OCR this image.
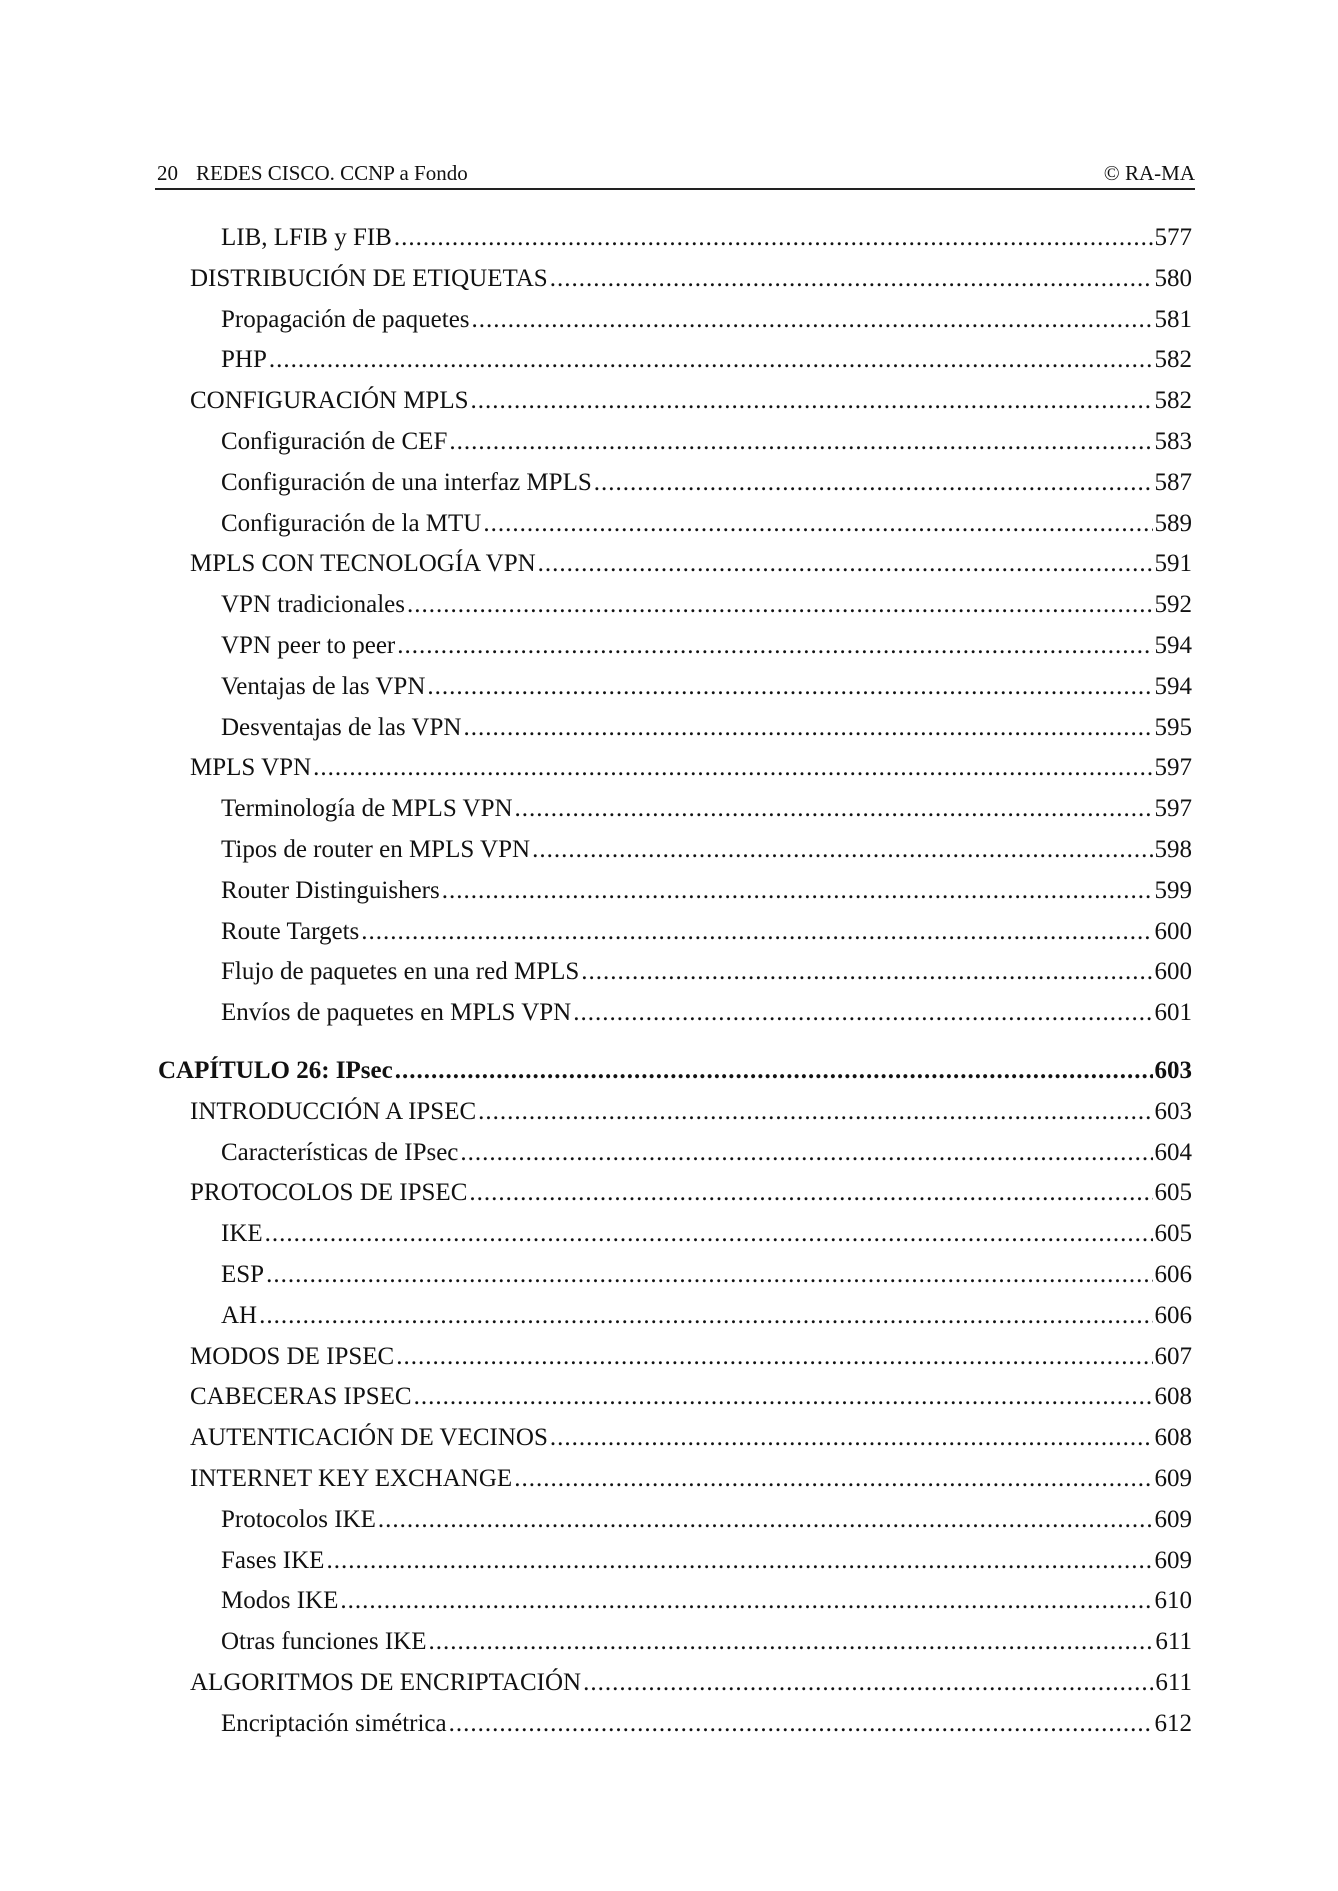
20 REDES CISCO. CCNP a Fondo	© RA-MA
LIB, LFIB y FIB .....	577
DISTRIBUCIÓN DE ETIQUETAS .....	580
Propagación de paquetes .....	581
PHP .....	582
CONFIGURACIÓN MPLS .....	582
Configuración de CEF .....	583
Configuración de una interfaz MPLS .....	587
Configuración de la MTU .....	589
MPLS CON TECNOLOGÍA VPN .....	591
VPN tradicionales .....	592
VPN peer to peer .....	594
Ventajas de las VPN .....	594
Desventajas de las VPN .....	595
MPLS VPN .....	597
Terminología de MPLS VPN .....	597
Tipos de router en MPLS VPN .....	598
Router Distinguishers .....	599
Route Targets .....	600
Flujo de paquetes en una red MPLS .....	600
Envíos de paquetes en MPLS VPN .....	601
CAPÍTULO 26: IPsec .....	603
INTRODUCCIÓN A IPSEC .....	603
Características de IPsec .....	604
PROTOCOLOS DE IPSEC .....	605
IKE .....	605
ESP .....	606
AH .....	606
MODOS DE IPSEC .....	607
CABECERAS IPSEC .....	608
AUTENTICACIÓN DE VECINOS .....	608
INTERNET KEY EXCHANGE .....	609
Protocolos IKE .....	609
Fases IKE .....	609
Modos IKE .....	610
Otras funciones IKE .....	611
ALGORITMOS DE ENCRIPTACIÓN .....	611
Encriptación simétrica .....	612
